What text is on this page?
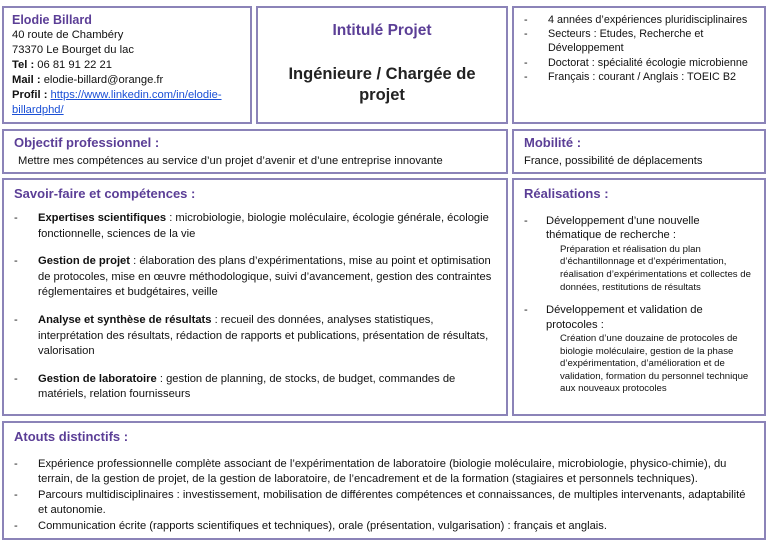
Elodie Billard
40 route de Chambéry
73370 Le Bourget du lac
Tel : 06 81 91 22 21
Mail : elodie-billard@orange.fr
Profil : https://www.linkedin.com/in/elodie-billardphd/
Intitulé Projet
Ingénieure / Chargée de projet
- 4 années d’expériences pluridisciplinaires
- Secteurs : Etudes, Recherche et Développement
- Doctorat : spécialité écologie microbienne
- Français : courant / Anglais : TOEIC B2
Objectif professionnel :
Mettre mes compétences au service d’un projet d’avenir et d’une entreprise innovante
Mobilité :
France, possibilité de déplacements
Savoir-faire et compétences :
- Expertises scientifiques : microbiologie, biologie moléculaire, écologie générale, écologie fonctionnelle, sciences de la vie
- Gestion de projet : élaboration des plans d’expérimentations, mise au point et optimisation de protocoles, mise en œuvre méthodologique, suivi d’avancement, gestion des contraintes réglementaires et budgétaires, veille
- Analyse et synthèse de résultats : recueil des données, analyses statistiques, interprétation des résultats, rédaction de rapports et publications, présentation de résultats, valorisation
- Gestion de laboratoire : gestion de planning, de stocks, de budget, commandes de matériels, relation fournisseurs
Réalisations :
- Développement d’une nouvelle thématique de recherche :
Préparation et réalisation du plan d’échantillonnage et d’expérimentation, réalisation d’expérimentations et collectes de données, restitutions de résultats
- Développement et validation de protocoles :
Création d’une douzaine de protocoles de biologie moléculaire, gestion de la phase d’expérimentation, d’amélioration et de validation, formation du personnel technique aux nouveaux protocoles
Atouts distinctifs :
- Expérience professionnelle complète associant de l’expérimentation de laboratoire (biologie moléculaire, microbiologie, physico-chimie), du terrain, de la gestion de projet, de la gestion de laboratoire, de l’encadrement et de la formation (stagiaires et personnels techniques).
- Parcours multidisciplinaires : investissement, mobilisation de différentes compétences et connaissances, de multiples intervenants, adaptabilité et autonomie.
- Communication écrite (rapports scientifiques et techniques), orale (présentation, vulgarisation) : français et anglais.
